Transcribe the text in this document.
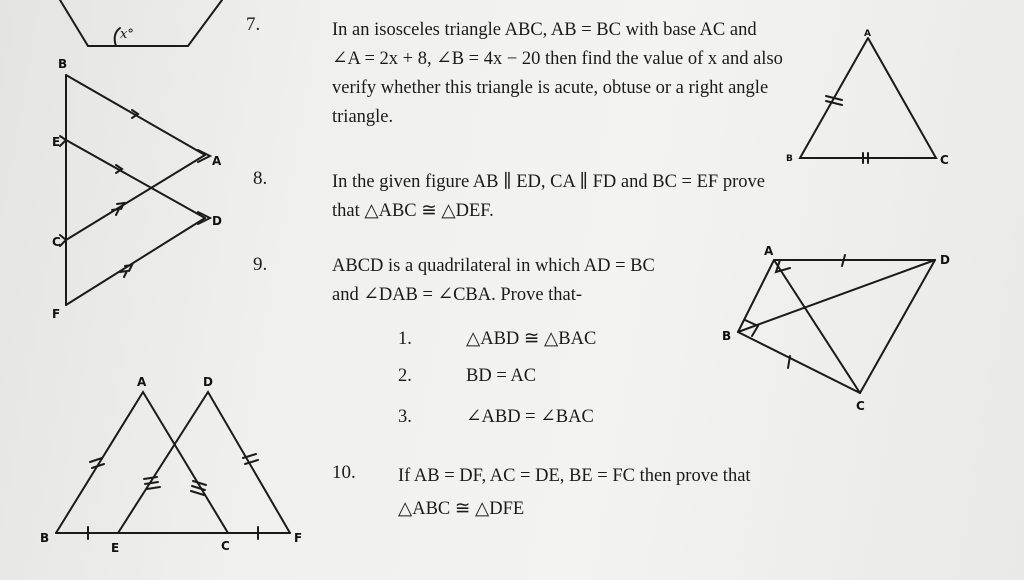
x°
B
E
A
D
C
F
A
B	C
A
B
C
D
A	D
B
E	C
F
7.	In an isosceles triangle ABC, AB = BC with base AC and
∠A = 2x + 8, ∠B = 4x − 20 then find the value of x and also
verify whether this triangle is acute, obtuse or a right angle
triangle.
8.	In the given figure AB ∥ ED, CA ∥ FD and BC = EF prove
that △ABC ≅ △DEF.
9.	ABCD is a quadrilateral in which AD = BC
and ∠DAB = ∠CBA. Prove that-
1.	△ABD ≅ △BAC
2.	BD = AC
3.	∠ABD = ∠BAC
10. If AB = DF, AC = DE, BE = FC then prove that
△ABC ≅ △DFE
